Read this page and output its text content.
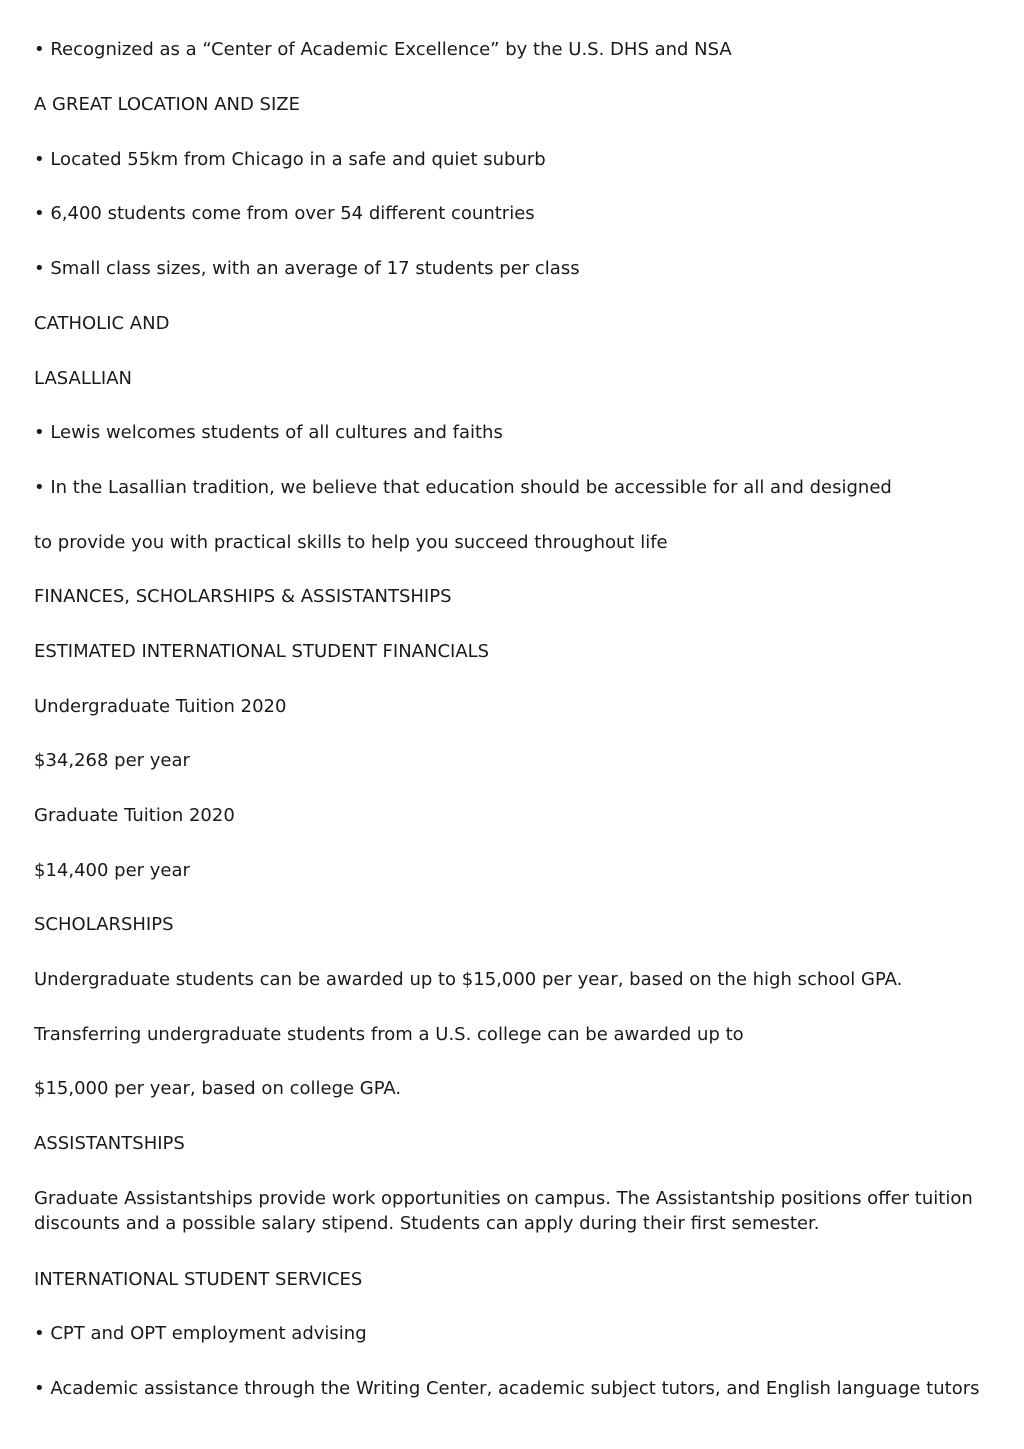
• Recognized as a “Center of Academic Excellence” by the U.S. DHS and NSA

A GREAT LOCATION AND SIZE

• Located 55km from Chicago in a safe and quiet suburb

• 6,400 students come from over 54 different countries

• Small class sizes, with an average of 17 students per class

CATHOLIC AND

LASALLIAN

• Lewis welcomes students of all cultures and faiths

• In the Lasallian tradition, we believe that education should be accessible for all and designed

to provide you with practical skills to help you succeed throughout life

FINANCES, SCHOLARSHIPS & ASSISTANTSHIPS

ESTIMATED INTERNATIONAL STUDENT FINANCIALS

Undergraduate Tuition 2020

$34,268 per year

Graduate Tuition 2020

$14,400 per year

SCHOLARSHIPS

Undergraduate students can be awarded up to $15,000 per year, based on the high school GPA.

Transferring undergraduate students from a U.S. college can be awarded up to

$15,000 per year, based on college GPA.

ASSISTANTSHIPS

Graduate Assistantships provide work opportunities on campus. The Assistantship positions offer tuition discounts and a possible salary stipend. Students can apply during their first semester.

INTERNATIONAL STUDENT SERVICES

• CPT and OPT employment advising

• Academic assistance through the Writing Center, academic subject tutors, and English language tutors
